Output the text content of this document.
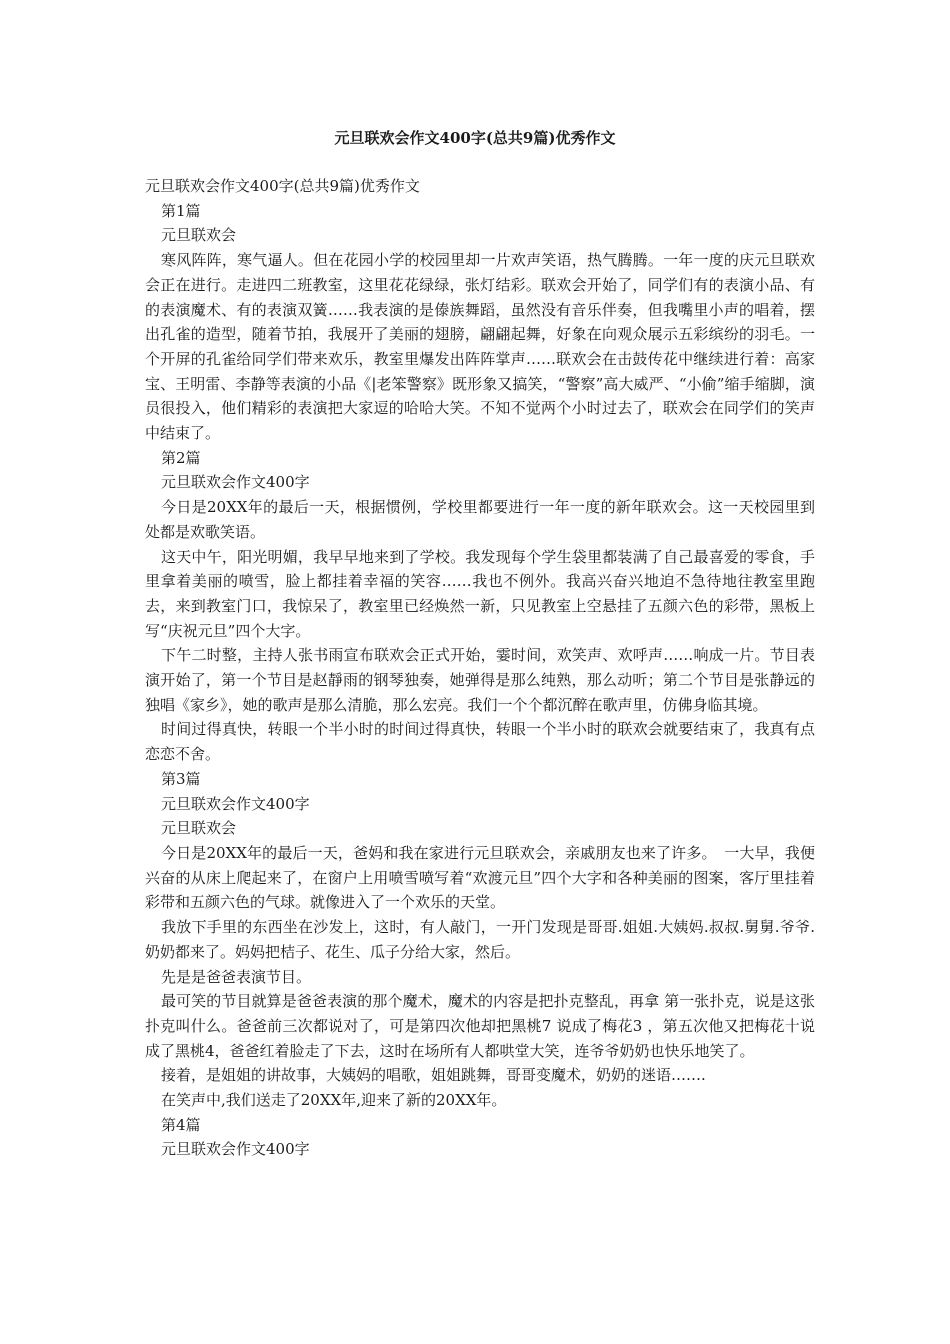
元旦联欢会作文400字(总共9篇)优秀作文

元旦联欢会作文400字(总共9篇)优秀作文

第1篇

元旦联欢会

寒风阵阵，寒气逼人。但在花园小学的校园里却一片欢声笑语，热气腾腾。一年一度的庆元旦联欢会正在进行。走进四二班教室，这里花花绿绿，张灯结彩。联欢会开始了，同学们有的表演小品、有的表演魔术、有的表演双簧……我表演的是傣族舞蹈，虽然没有音乐伴奏，但我嘴里小声的唱着，摆出孔雀的造型，随着节拍，我展开了美丽的翅膀，翩翩起舞，好象在向观众展示五彩缤纷的羽毛。一个开屏的孔雀给同学们带来欢乐，教室里爆发出阵阵掌声……联欢会在击鼓传花中继续进行着：高家宝、王明雷、李静等表演的小品《|老笨警察》既形象又搞笑，“警察”高大威严、“小偷”缩手缩脚，演员很投入，他们精彩的表演把大家逗的哈哈大笑。不知不觉两个小时过去了，联欢会在同学们的笑声中结束了。

第2篇

元旦联欢会作文400字

今日是20XX年的最后一天，根据惯例，学校里都要进行一年一度的新年联欢会。这一天校园里到处都是欢歌笑语。

这天中午，阳光明媚，我早早地来到了学校。我发现每个学生袋里都装满了自己最喜爱的零食，手里拿着美丽的喷雪，脸上都挂着幸福的笑容……我也不例外。我高兴奋兴地迫不急待地往教室里跑去，来到教室门口，我惊呆了，教室里已经焕然一新，只见教室上空悬挂了五颜六色的彩带，黑板上写“庆祝元旦”四个大字。

下午二时整，主持人张书雨宣布联欢会正式开始，霎时间，欢笑声、欢呼声……响成一片。节目表演开始了，第一个节目是赵靜雨的钢琴独奏，她弹得是那么纯熟，那么动听；第二个节目是张静远的独唱《家乡》，她的歌声是那么清脆，那么宏亮。我们一个个都沉醉在歌声里，仿佛身临其境。

时间过得真快，转眼一个半小时的时间过得真快，转眼一个半小时的联欢会就要结束了，我真有点恋恋不舍。

第3篇

元旦联欢会作文400字

元旦联欢会

今日是20XX年的最后一天，爸妈和我在家进行元旦联欢会，亲戚朋友也来了许多。　一大早，我便兴奋的从床上爬起来了，在窗户上用喷雪喷写着“欢渡元旦”四个大字和各种美丽的图案，客厅里挂着彩带和五颜六色的气球。就像进入了一个欢乐的天堂。

我放下手里的东西坐在沙发上，这时，有人敲门，一开门发现是哥哥.姐姐.大姨妈.叔叔.舅舅.爷爷.奶奶都来了。妈妈把桔子、花生、瓜子分给大家，然后。

先是是爸爸表演节目。

最可笑的节目就算是爸爸表演的那个魔术，魔术的内容是把扑克整乱，再拿 第一张扑克，说是这张扑克叫什么。爸爸前三次都说对了，可是第四次他却把黑桃7 说成了梅花3 ，第五次他又把梅花十说成了黑桃4，爸爸红着脸走了下去，这时在场所有人都哄堂大笑，连爷爷奶奶也快乐地笑了。

接着，是姐姐的讲故事，大姨妈的唱歌，姐姐跳舞，哥哥变魔术，奶奶的迷语…….

在笑声中,我们送走了20XX年,迎来了新的20XX年。

第4篇

元旦联欢会作文400字
